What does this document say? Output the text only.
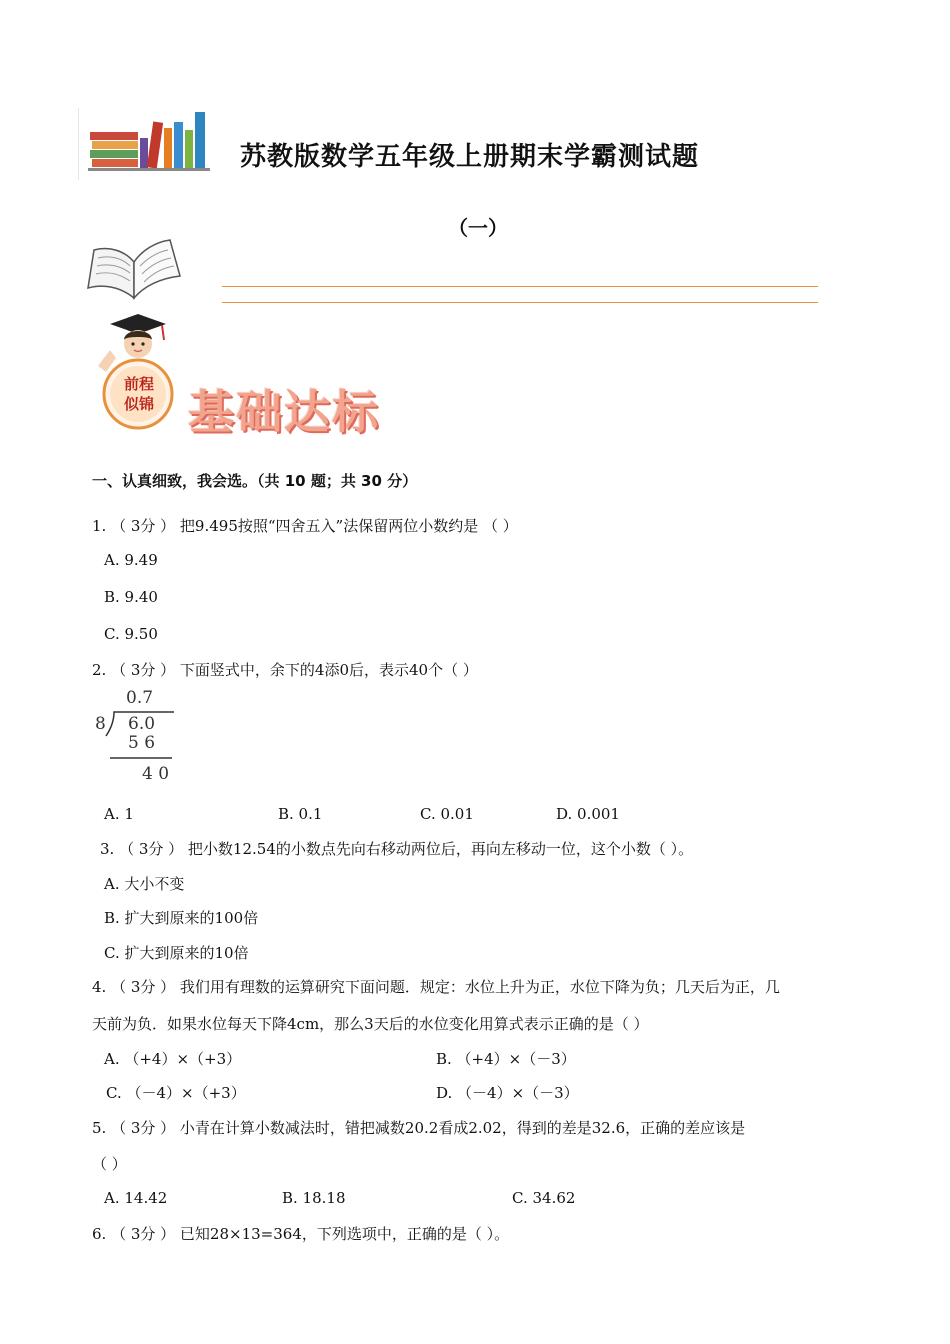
苏教版数学五年级上册期末学霸测试题
（一）
前程
似锦 基础达标
一、认真细致，我会选。（共 10 题；共 30 分）
1. （ 3分 ） 把9.495按照“四舍五入”法保留两位小数约是 （ ）
A. 9.49
B. 9.40
C. 9.50
2. （ 3分 ） 下面竖式中，余下的4添0后，表示40个（ ）
0.7
8 6.0
5 6
4 0
A. 1	B. 0.1	C. 0.01	D. 0.001
3. （ 3分 ） 把小数12.54的小数点先向右移动两位后，再向左移动一位，这个小数（ ）。
A. 大小不变
B. 扩大到原来的100倍
C. 扩大到原来的10倍
4. （ 3分 ） 我们用有理数的运算研究下面问题．规定：水位上升为正，水位下降为负；几天后为正，几
天前为负．如果水位每天下降4cm，那么3天后的水位变化用算式表示正确的是（ ）
A. （+4）×（+3）	B. （+4）×（－3）
C. （－4）×（+3）	D. （－4）×（－3）
5. （ 3分 ） 小青在计算小数减法时，错把减数20.2看成2.02，得到的差是32.6，正确的差应该是
（ ）
A. 14.42	B. 18.18	C. 34.62
6. （ 3分 ） 已知28×13=364，下列选项中，正确的是（ ）。
